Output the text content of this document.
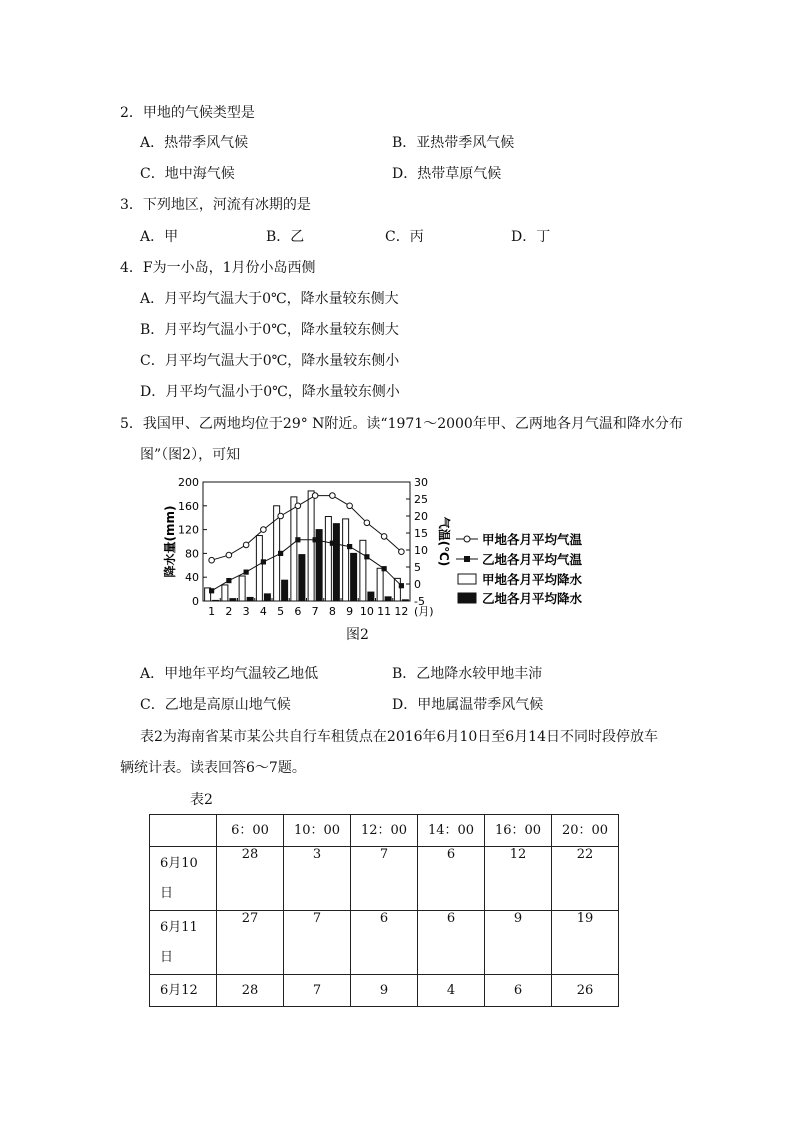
2．甲地的气候类型是
A．热带季风气候	B．亚热带季风气候
C．地中海气候	D．热带草原气候
3．下列地区，河流有冰期的是
A．甲	B．乙	C．丙	D．丁
4．F为一小岛，1月份小岛西侧
A．月平均气温大于0℃，降水量较东侧大
B．月平均气温小于0℃，降水量较东侧大
C．月平均气温大于0℃，降水量较东侧小
D．月平均气温小于0℃，降水量较东侧小
5．我国甲、乙两地均位于29° N附近。读“1971～2000年甲、乙两地各月气温和降水分布
图”（图2），可知
0
40
80
120
160
200
-5
0
5
10
15
20
25
30
1 2 3 4 5 6 7 8 9 10 11 12 (月)
降水量(mm)	气温(℃) 甲地各月平均气温
乙地各月平均气温
甲地各月平均降水
乙地各月平均降水
图2
A．甲地年平均气温较乙地低	B．乙地降水较甲地丰沛
C．乙地是高原山地气候	D．甲地属温带季风气候
表2为海南省某市某公共自行车租赁点在2016年6月10日至6月14日不同时段停放车
辆统计表。读表回答6～7题。
表2
	6：00	10：00	12：00	14：00	16：00	20：00
6月10
日	28	3	7	6	12	22
6月11
日	27	7	6	6	9	19
6月12	28	7	9	4	6	26
